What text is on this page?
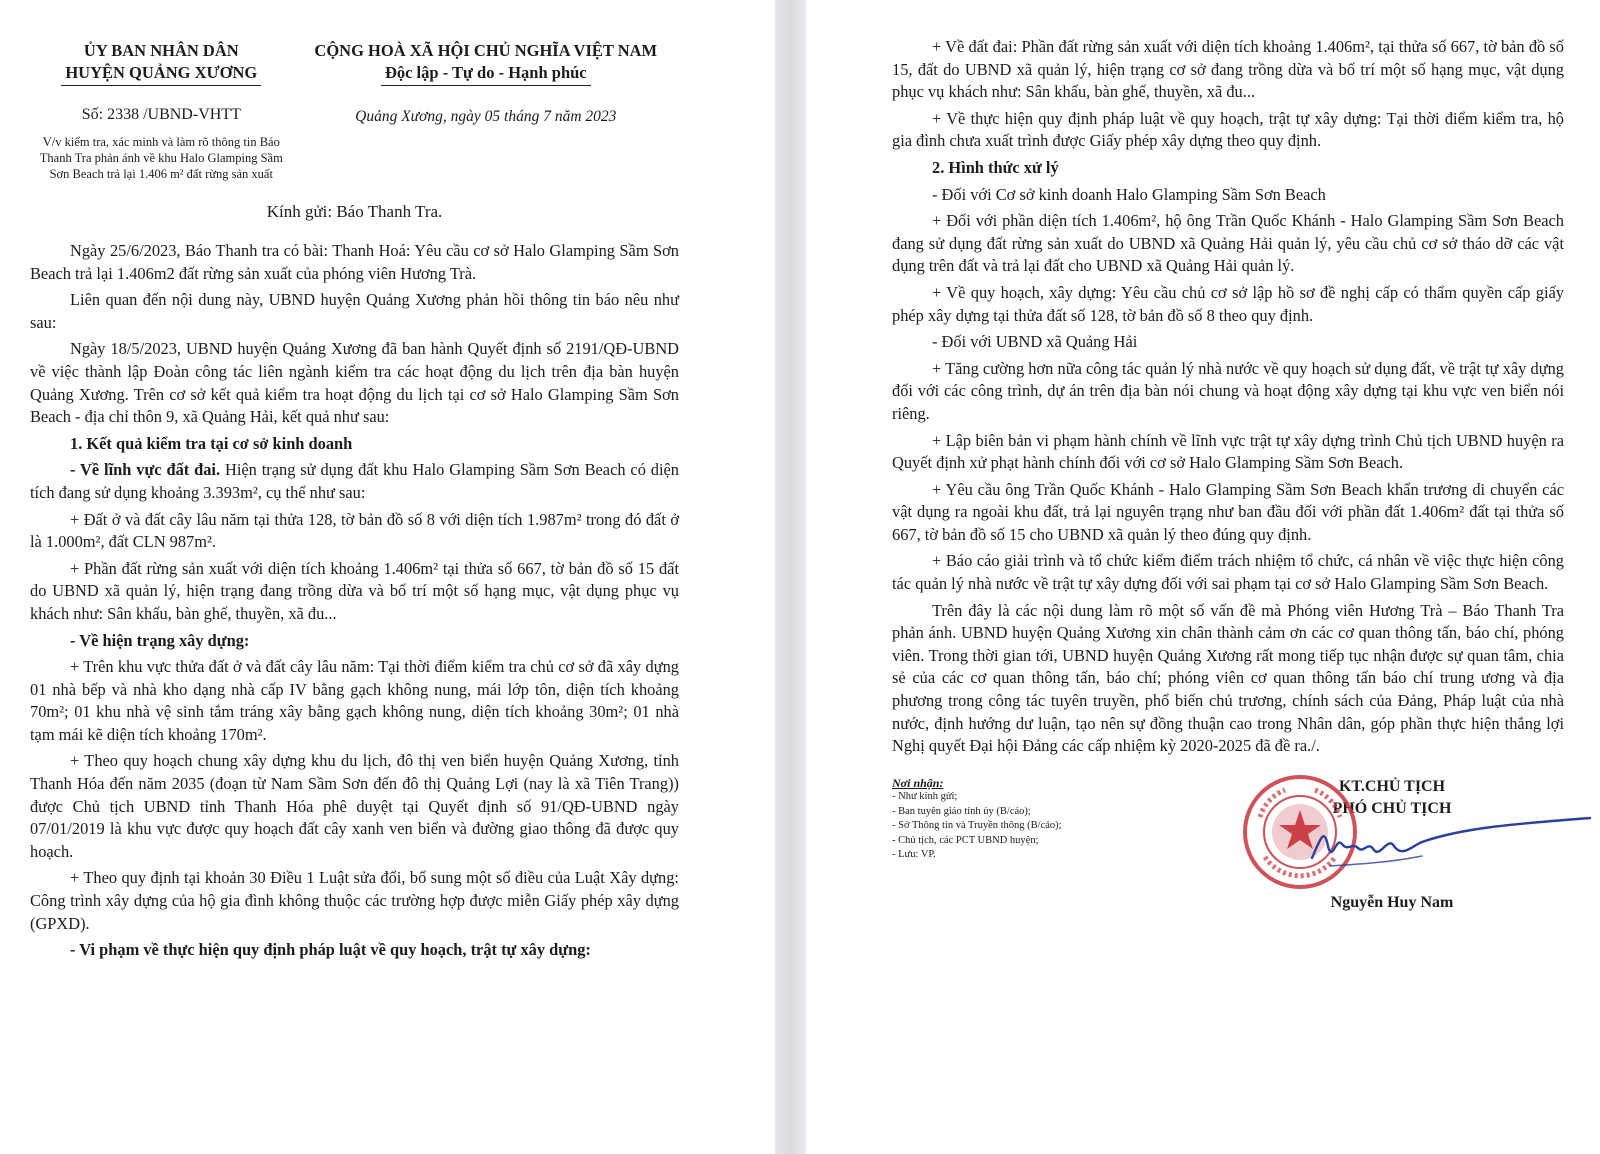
ỦY BAN NHÂN DÂN
HUYỆN QUẢNG XƯƠNG
Số: 2338 /UBND-VHTT
V/v kiểm tra, xác minh và làm rõ thông tin Báo Thanh Tra phản ánh về khu Halo Glamping Sầm Sơn Beach trả lại 1.406 m² đất rừng sản xuất
CỘNG HOÀ XÃ HỘI CHỦ NGHĨA VIỆT NAM
Độc lập - Tự do - Hạnh phúc
Quảng Xương, ngày 05 tháng 7 năm 2023
Kính gửi: Báo Thanh Tra.

Ngày 25/6/2023, Báo Thanh tra có bài: Thanh Hoá: Yêu cầu cơ sở Halo Glamping Sầm Sơn Beach trả lại 1.406m2 đất rừng sản xuất của phóng viên Hương Trà.

Liên quan đến nội dung này, UBND huyện Quảng Xương phản hồi thông tin báo nêu như sau:

Ngày 18/5/2023, UBND huyện Quảng Xương đã ban hành Quyết định số 2191/QĐ-UBND về việc thành lập Đoàn công tác liên ngành kiểm tra các hoạt động du lịch trên địa bàn huyện Quảng Xương. Trên cơ sở kết quả kiểm tra hoạt động du lịch tại cơ sở Halo Glamping Sầm Sơn Beach - địa chỉ thôn 9, xã Quảng Hải, kết quả như sau:

1. Kết quả kiểm tra tại cơ sở kinh doanh

- Về lĩnh vực đất đai. Hiện trạng sử dụng đất khu Halo Glamping Sầm Sơn Beach có diện tích đang sử dụng khoảng 3.393m², cụ thể như sau:

+ Đất ở và đất cây lâu năm tại thửa 128, tờ bản đồ số 8 với diện tích 1.987m² trong đó đất ở là 1.000m², đất CLN 987m².

+ Phần đất rừng sản xuất với diện tích khoảng 1.406m² tại thửa số 667, tờ bản đồ số 15 đất do UBND xã quản lý, hiện trạng đang trồng dừa và bố trí một số hạng mục, vật dụng phục vụ khách như: Sân khấu, bàn ghế, thuyền, xã đu...

- Về hiện trạng xây dựng:

+ Trên khu vực thửa đất ở và đất cây lâu năm: Tại thời điểm kiểm tra chủ cơ sở đã xây dựng 01 nhà bếp và nhà kho dạng nhà cấp IV bằng gạch không nung, mái lớp tôn, diện tích khoảng 70m²; 01 khu nhà vệ sinh tắm tráng xây bằng gạch không nung, diện tích khoảng 30m²; 01 nhà tạm mái kẽ diện tích khoảng 170m².

+ Theo quy hoạch chung xây dựng khu du lịch, đô thị ven biển huyện Quảng Xương, tỉnh Thanh Hóa đến năm 2035 (đoạn từ Nam Sầm Sơn đến đô thị Quảng Lợi (nay là xã Tiên Trang)) được Chủ tịch UBND tỉnh Thanh Hóa phê duyệt tại Quyết định số 91/QĐ-UBND ngày 07/01/2019 là khu vực được quy hoạch đất cây xanh ven biển và đường giao thông đã được quy hoạch.

+ Theo quy định tại khoản 30 Điều 1 Luật sửa đổi, bổ sung một số điều của Luật Xây dựng: Công trình xây dựng của hộ gia đình không thuộc các trường hợp được miễn Giấy phép xây dựng (GPXD).

- Vi phạm về thực hiện quy định pháp luật về quy hoạch, trật tự xây dựng:

+ Về đất đai: Phần đất rừng sản xuất với diện tích khoảng 1.406m², tại thửa số 667, tờ bản đồ số 15, đất do UBND xã quản lý, hiện trạng cơ sở đang trồng dừa và bố trí một số hạng mục, vật dụng phục vụ khách như: Sân khấu, bàn ghế, thuyền, xã đu...

+ Về thực hiện quy định pháp luật về quy hoạch, trật tự xây dựng: Tại thời điểm kiểm tra, hộ gia đình chưa xuất trình được Giấy phép xây dựng theo quy định.

2. Hình thức xử lý

- Đối với Cơ sở kinh doanh Halo Glamping Sầm Sơn Beach

+ Đối với phần diện tích 1.406m², hộ ông Trần Quốc Khánh - Halo Glamping Sầm Sơn Beach đang sử dụng đất rừng sản xuất do UBND xã Quảng Hải quản lý, yêu cầu chủ cơ sở tháo dỡ các vật dụng trên đất và trả lại đất cho UBND xã Quảng Hải quản lý.

+ Về quy hoạch, xây dựng: Yêu cầu chủ cơ sở lập hồ sơ đề nghị cấp có thẩm quyền cấp giấy phép xây dựng tại thửa đất số 128, tờ bản đồ số 8 theo quy định.

- Đối với UBND xã Quảng Hải

+ Tăng cường hơn nữa công tác quản lý nhà nước về quy hoạch sử dụng đất, về trật tự xây dựng đối với các công trình, dự án trên địa bàn nói chung và hoạt động xây dựng tại khu vực ven biển nói riêng.

+ Lập biên bản vi phạm hành chính về lĩnh vực trật tự xây dựng trình Chủ tịch UBND huyện ra Quyết định xử phạt hành chính đối với cơ sở Halo Glamping Sầm Sơn Beach.

+ Yêu cầu ông Trần Quốc Khánh - Halo Glamping Sầm Sơn Beach khẩn trương di chuyển các vật dụng ra ngoài khu đất, trả lại nguyên trạng như ban đầu đối với phần đất 1.406m² đất tại thửa số 667, tờ bản đồ số 15 cho UBND xã quản lý theo đúng quy định.

+ Báo cáo giải trình và tổ chức kiểm điểm trách nhiệm tổ chức, cá nhân về việc thực hiện công tác quản lý nhà nước về trật tự xây dựng đối với sai phạm tại cơ sở Halo Glamping Sầm Sơn Beach.

Trên đây là các nội dung làm rõ một số vấn đề mà Phóng viên Hương Trà – Báo Thanh Tra phản ánh. UBND huyện Quảng Xương xin chân thành cảm ơn các cơ quan thông tấn, báo chí, phóng viên. Trong thời gian tới, UBND huyện Quảng Xương rất mong tiếp tục nhận được sự quan tâm, chia sẻ của các cơ quan thông tấn, báo chí; phóng viên cơ quan thông tấn báo chí trung ương và địa phương trong công tác tuyên truyền, phổ biến chủ trương, chính sách của Đảng, Pháp luật của nhà nước, định hướng dư luận, tạo nên sự đồng thuận cao trong Nhân dân, góp phần thực hiện thắng lợi Nghị quyết Đại hội Đảng các cấp nhiệm kỳ 2020-2025 đã đề ra./.

Nơi nhận:
- Như kính gửi;
- Ban tuyên giáo tỉnh ủy (B/cáo);
- Sở Thông tin và Truyền thông (B/cáo);
- Chủ tịch, các PCT UBND huyện;
- Lưu: VP.
KT.CHỦ TỊCH
PHÓ CHỦ TỊCH
Nguyễn Huy Nam
